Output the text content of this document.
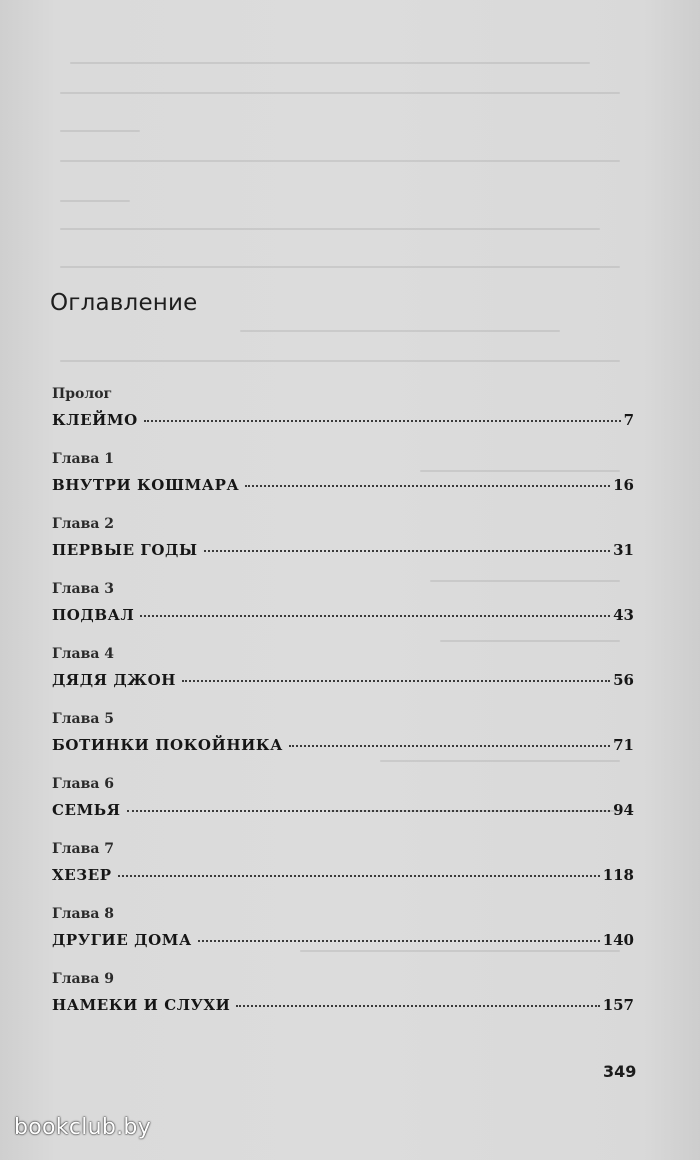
Оглавление
Пролог
КЛЕЙМО	7
Глава 1
ВНУТРИ КОШМАРА	16
Глава 2
ПЕРВЫЕ ГОДЫ	31
Глава 3
ПОДВАЛ	43
Глава 4
ДЯДЯ ДЖОН	56
Глава 5
БОТИНКИ ПОКОЙНИКА	71
Глава 6
СЕМЬЯ	94
Глава 7
ХЕЗЕР	118
Глава 8
ДРУГИЕ ДОМА	140
Глава 9
НАМЕКИ И СЛУХИ	157
349
bookclub.by
